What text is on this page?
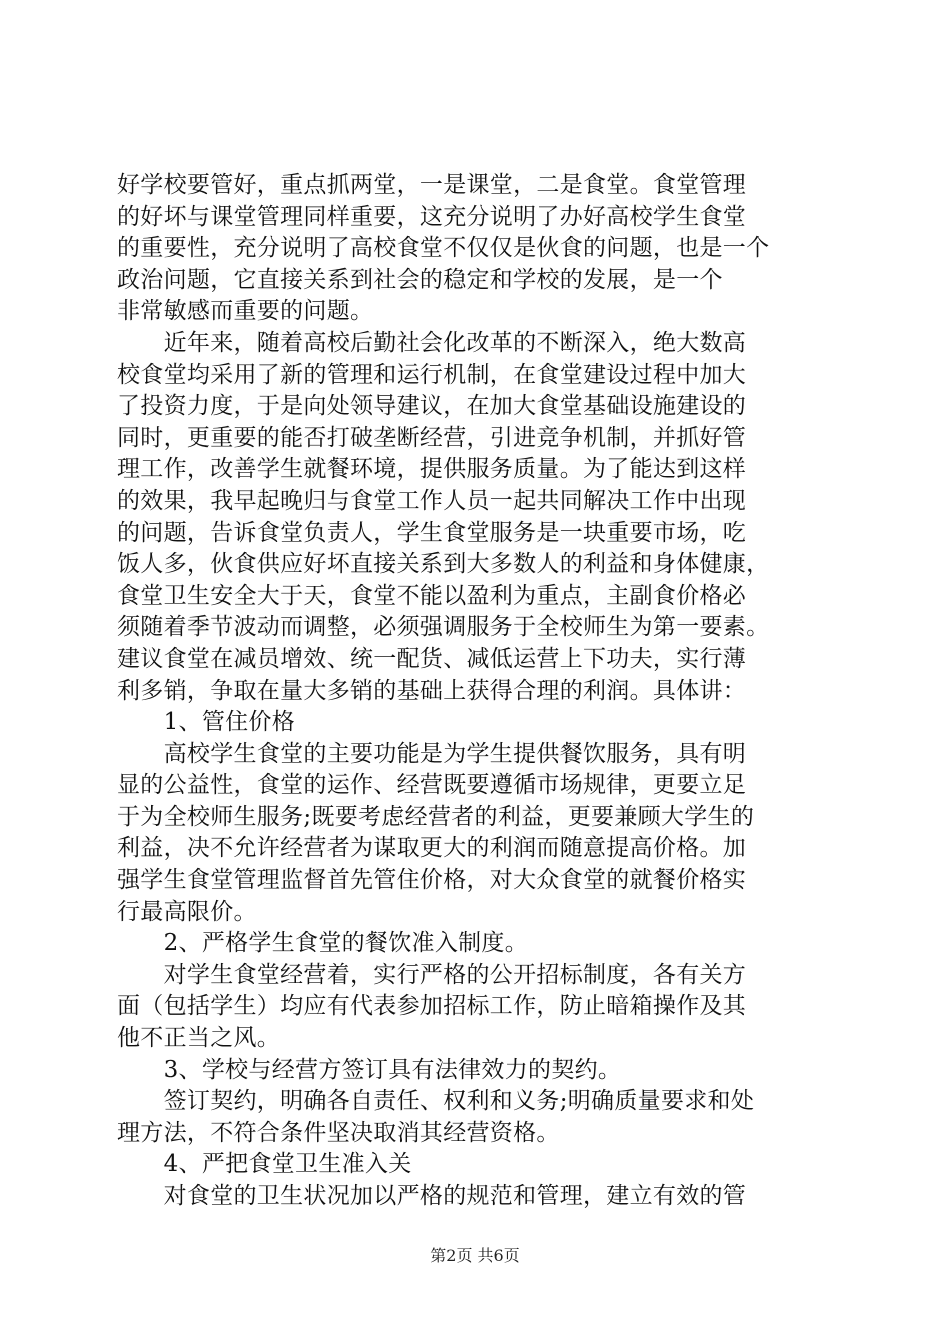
好学校要管好，重点抓两堂，一是课堂，二是食堂。食堂管理
的好坏与课堂管理同样重要，这充分说明了办好高校学生食堂
的重要性，充分说明了高校食堂不仅仅是伙食的问题，也是一个
政治问题，它直接关系到社会的稳定和学校的发展，是一个
非常敏感而重要的问题。
　　近年来，随着高校后勤社会化改革的不断深入，绝大数高
校食堂均采用了新的管理和运行机制，在食堂建设过程中加大
了投资力度，于是向处领导建议，在加大食堂基础设施建设的
同时，更重要的能否打破垄断经营，引进竞争机制，并抓好管
理工作，改善学生就餐环境，提供服务质量。为了能达到这样
的效果，我早起晚归与食堂工作人员一起共同解决工作中出现
的问题，告诉食堂负责人，学生食堂服务是一块重要市场，吃
饭人多，伙食供应好坏直接关系到大多数人的利益和身体健康，
食堂卫生安全大于天，食堂不能以盈利为重点，主副食价格必
须随着季节波动而调整，必须强调服务于全校师生为第一要素。
建议食堂在减员增效、统一配货、减低运营上下功夫，实行薄
利多销，争取在量大多销的基础上获得合理的利润。具体讲：
　　1、管住价格
　　高校学生食堂的主要功能是为学生提供餐饮服务，具有明
显的公益性，食堂的运作、经营既要遵循市场规律，更要立足
于为全校师生服务;既要考虑经营者的利益，更要兼顾大学生的
利益，决不允许经营者为谋取更大的利润而随意提高价格。加
强学生食堂管理监督首先管住价格，对大众食堂的就餐价格实
行最高限价。
　　2、严格学生食堂的餐饮准入制度。
　　对学生食堂经营着，实行严格的公开招标制度，各有关方
面（包括学生）均应有代表参加招标工作，防止暗箱操作及其
他不正当之风。
　　3、学校与经营方签订具有法律效力的契约。
　　签订契约，明确各自责任、权利和义务;明确质量要求和处
理方法，不符合条件坚决取消其经营资格。
　　4、严把食堂卫生准入关
　　对食堂的卫生状况加以严格的规范和管理，建立有效的管
第2页 共6页
